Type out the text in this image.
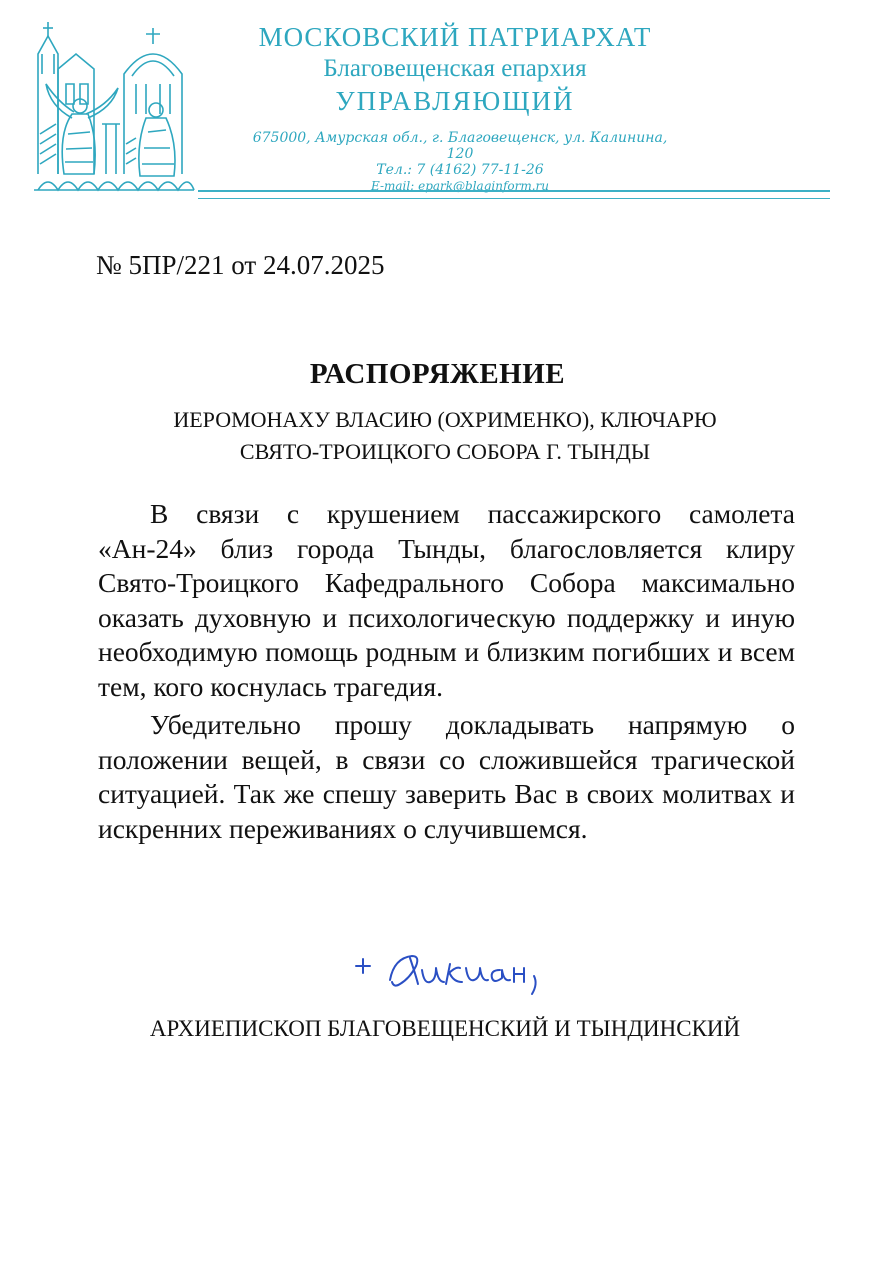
МОСКОВСКИЙ ПАТРИАРХАТ
Благовещенская епархия
УПРАВЛЯЮЩИЙ
675000, Амурская обл., г. Благовещенск, ул. Калинина, 120
Тел.: 7 (4162) 77-11-26
E-mail: epark@blaginform.ru
№ 5ПР/221 от 24.07.2025
РАСПОРЯЖЕНИЕ
ИЕРОМОНАХУ ВЛАСИЮ (ОХРИМЕНКО), КЛЮЧАРЮ
СВЯТО-ТРОИЦКОГО СОБОРА Г. ТЫНДЫ

В связи с крушением пассажирского самолета «Ан-24» близ города Тынды, благословляется клиру Свято-Троицкого Кафедрального Собора максимально оказать духовную и психологическую поддержку и иную необходимую помощь родным и близким погибших и всем тем, кого коснулась трагедия.

Убедительно прошу докладывать напрямую о положении вещей, в связи со сложившейся трагической ситуацией. Так же спешу заверить Вас в своих молитвах и искренних переживаниях о случившемся.

АРХИЕПИСКОП БЛАГОВЕЩЕНСКИЙ И ТЫНДИНСКИЙ
